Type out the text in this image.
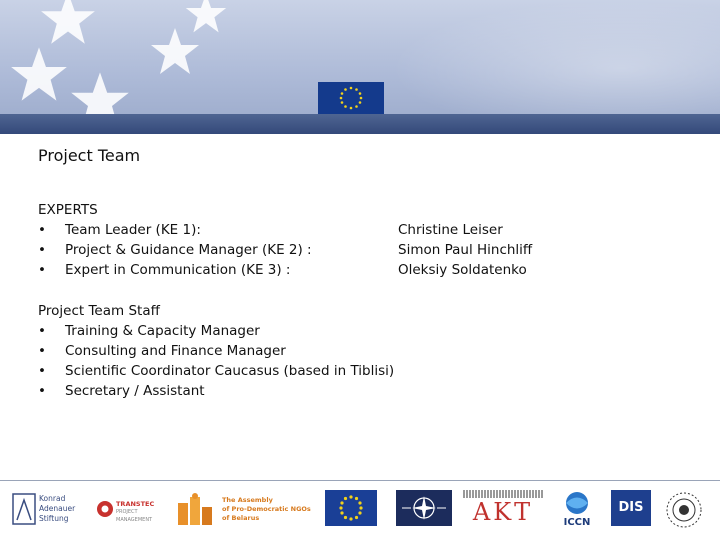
Project Team
EXPERTS
•	Team Leader (KE 1):	Christine Leiser
•	Project & Guidance Manager (KE 2) :	Simon Paul Hinchliff
•	Expert in Communication (KE 3) :	Oleksiy Soldatenko
Project Team Staff
•	Training & Capacity Manager
•	Consulting and Finance Manager
•	Scientific Coordinator Caucasus (based in Tiblisi)
•	Secretary / Assistant
Konrad
Adenauer
Stiftung
TRANSTEC
PROJECT
MANAGEMENT
The Assembly
of Pro-Democratic NGOs
of Belarus	AKT	ICCN
DIS
